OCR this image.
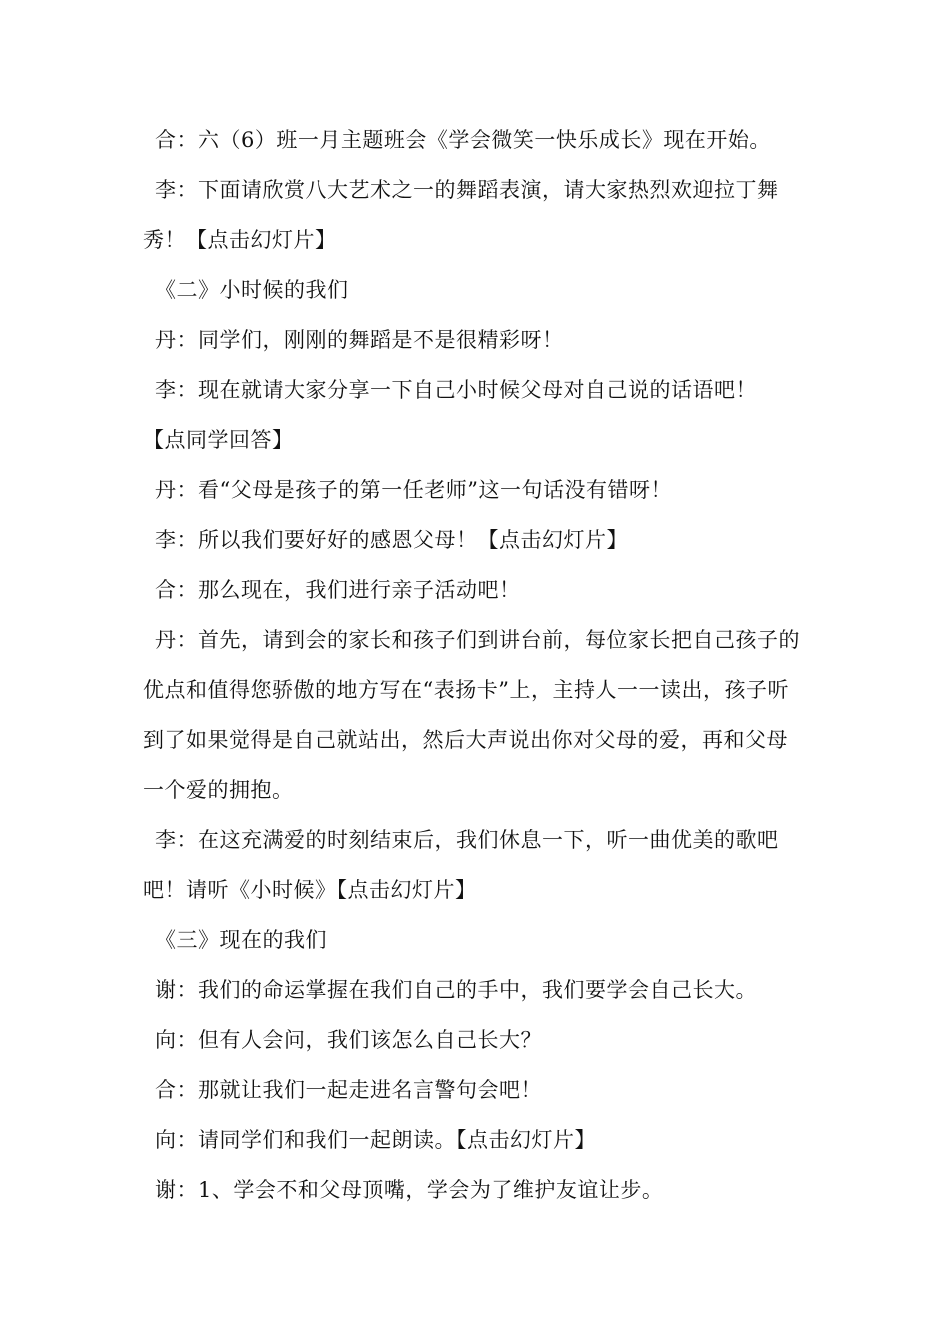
合：六（6）班一月主题班会《学会微笑一快乐成长》现在开始。

李：下面请欣赏八大艺术之一的舞蹈表演，请大家热烈欢迎拉丁舞秀！【点击幻灯片】

《二》小时候的我们

丹：同学们，刚刚的舞蹈是不是很精彩呀！

李：现在就请大家分享一下自己小时候父母对自己说的话语吧！

【点同学回答】

丹：看“父母是孩子的第一任老师”这一句话没有错呀！

李：所以我们要好好的感恩父母！【点击幻灯片】

合：那么现在，我们进行亲子活动吧！

丹：首先，请到会的家长和孩子们到讲台前，每位家长把自己孩子的优点和值得您骄傲的地方写在“表扬卡”上，主持人一一读出，孩子听到了如果觉得是自己就站出，然后大声说出你对父母的爱，再和父母一个爱的拥抱。

李：在这充满爱的时刻结束后，我们休息一下，听一曲优美的歌吧吧！请听《小时候》【点击幻灯片】

《三》现在的我们

谢：我们的命运掌握在我们自己的手中，我们要学会自己长大。

向：但有人会问，我们该怎么自己长大？

合：那就让我们一起走进名言警句会吧！

向：请同学们和我们一起朗读。【点击幻灯片】

谢：1、学会不和父母顶嘴，学会为了维护友谊让步。
